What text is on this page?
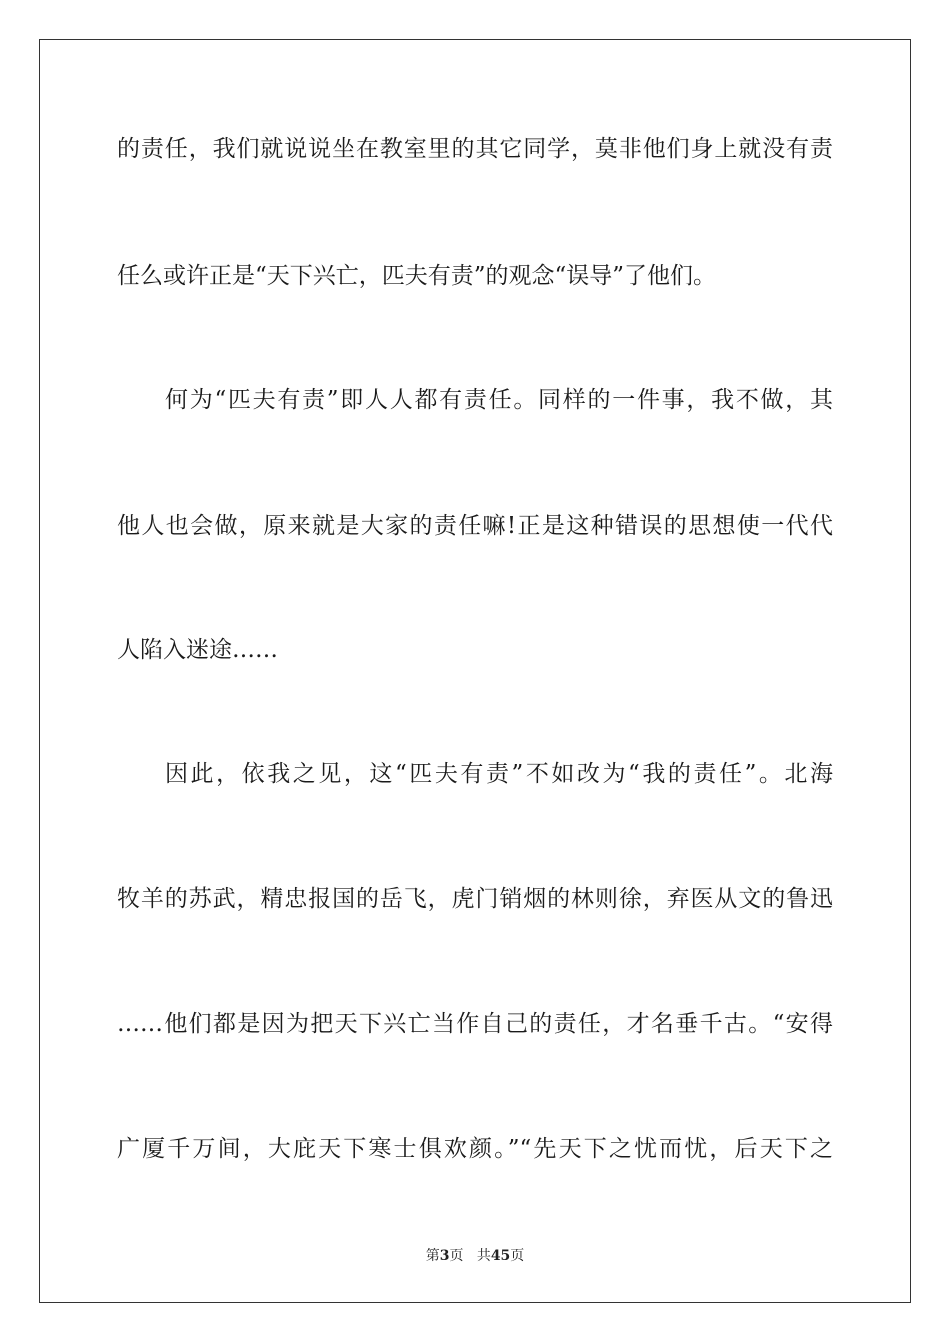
的责任，我们就说说坐在教室里的其它同学，莫非他们身上就没有责
任么或许正是“天下兴亡，匹夫有责”的观念“误导”了他们。
何为“匹夫有责”即人人都有责任。同样的一件事，我不做，其
他人也会做，原来就是大家的责任嘛!正是这种错误的思想使一代代
人陷入迷途……
因此，依我之见，这“匹夫有责”不如改为“我的责任”。北海
牧羊的苏武，精忠报国的岳飞，虎门销烟的林则徐，弃医从文的鲁迅
……他们都是因为把天下兴亡当作自己的责任，才名垂千古。“安得
广厦千万间，大庇天下寒士俱欢颜。”“先天下之忧而忧，后天下之
第3页 共45页
